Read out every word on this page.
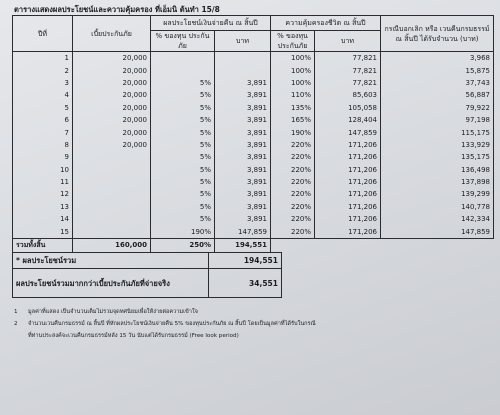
ตารางแสดงผลประโยชน์และความคุ้มครอง ที่เอ็มนิ ต้นทำ 15/8
ปีที่	เบี้ยประกันภัย	ผลประโยชน์เงินจ่ายคืน ณ สิ้นปี		ความคุ้มครองชีวิต ณ สิ้นปี		กรณีบอกเลิก หรือ เวนคืนกรมธรรม์ ณ สิ้นปี ได้รับจำนวน (บาท)
		% ของทุน ประกันภัย	บาท	% ของทุน ประกันภัย	บาท	
1	20,000			100%	77,821	3,968
2	20,000			100%	77,821	15,875
3	20,000	5%	3,891	100%	77,821	37,743
4	20,000	5%	3,891	110%	85,603	56,887
5	20,000	5%	3,891	135%	105,058	79,922
6	20,000	5%	3,891	165%	128,404	97,198
7	20,000	5%	3,891	190%	147,859	115,175
8	20,000	5%	3,891	220%	171,206	133,929
9		5%	3,891	220%	171,206	135,175
10		5%	3,891	220%	171,206	136,498
11		5%	3,891	220%	171,206	137,898
12		5%	3,891	220%	171,206	139,299
13		5%	3,891	220%	171,206	140,778
14		5%	3,891	220%	171,206	142,334
15		190%	147,859	220%	171,206	147,859
รวมทั้งสิ้น	160,000	250%	194,551			
* ผลประโยชน์รวม	194,551
ผลประโยชน์รวมมากกว่าเบี้ยประกันภัยที่จ่ายจริง	34,551
1 มูลค่าที่แสดง เป็นจำนวนเต็มไม่รวมจุดทศนิยมเพื่อให้ง่ายต่อความเข้าใจ
2 จำนวนเวนคืนกรมธรรม์ ณ สิ้นปี ที่หักผลประโยชน์เงินจ่ายคืน 5% ของทุนประกันภัย ณ สิ้นปี โดยเป็นมูลค่าที่ได้รับในกรณี
ที่ท่านประสงค์จะเวนคืนกรมธรรม์หลัง 15 วัน นับแต่ได้รับกรมธรรม์ (Free look period)
